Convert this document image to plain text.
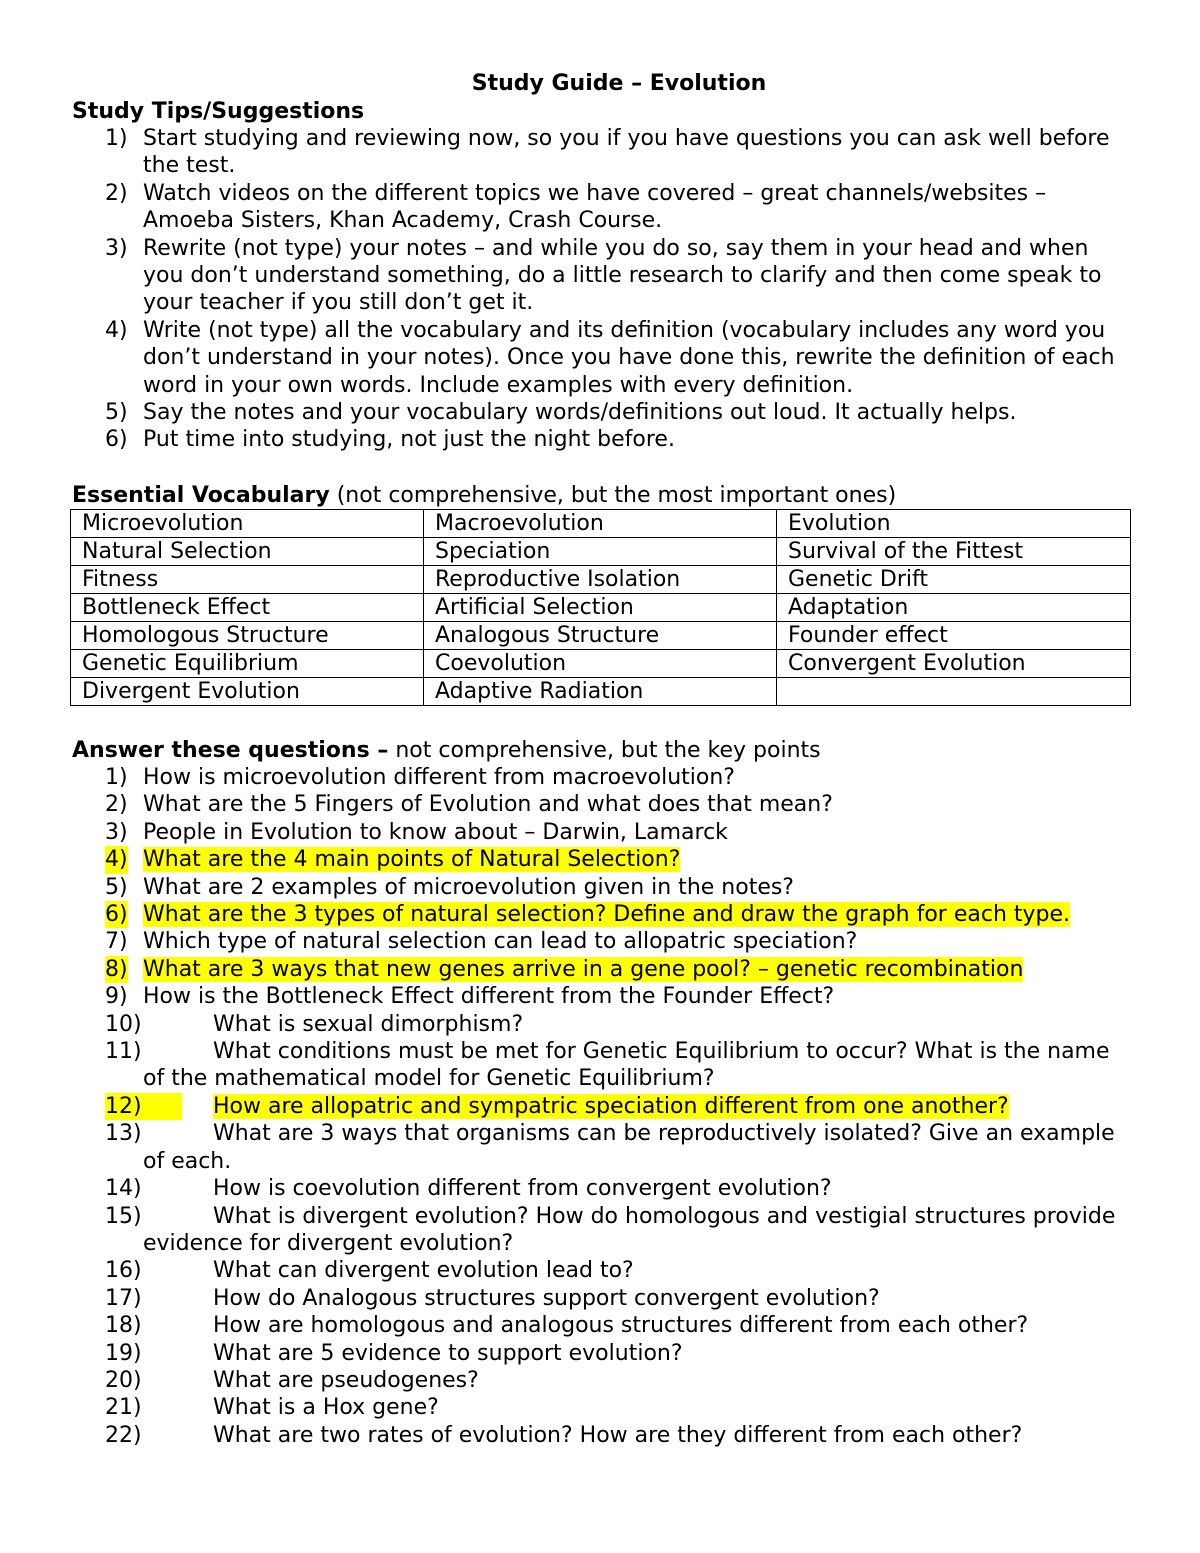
Study Guide – Evolution
Study Tips/Suggestions
1) Start studying and reviewing now, so you if you have questions you can ask well before the test.
2) Watch videos on the different topics we have covered – great channels/websites – Amoeba Sisters, Khan Academy, Crash Course.
3) Rewrite (not type) your notes – and while you do so, say them in your head and when you don’t understand something, do a little research to clarify and then come speak to your teacher if you still don’t get it.
4) Write (not type) all the vocabulary and its definition (vocabulary includes any word you don’t understand in your notes). Once you have done this, rewrite the definition of each word in your own words. Include examples with every definition.
5) Say the notes and your vocabulary words/definitions out loud. It actually helps.
6) Put time into studying, not just the night before.
Essential Vocabulary (not comprehensive, but the most important ones)
Microevolution	Macroevolution	Evolution
Natural Selection	Speciation	Survival of the Fittest
Fitness	Reproductive Isolation	Genetic Drift
Bottleneck Effect	Artificial Selection	Adaptation
Homologous Structure	Analogous Structure	Founder effect
Genetic Equilibrium	Coevolution	Convergent Evolution
Divergent Evolution	Adaptive Radiation	
Answer these questions – not comprehensive, but the key points
1) How is microevolution different from macroevolution?
2) What are the 5 Fingers of Evolution and what does that mean?
3) People in Evolution to know about – Darwin, Lamarck
4) What are the 4 main points of Natural Selection?
5) What are 2 examples of microevolution given in the notes?
6) What are the 3 types of natural selection? Define and draw the graph for each type.
7) Which type of natural selection can lead to allopatric speciation?
8) What are 3 ways that new genes arrive in a gene pool? – genetic recombination
9) How is the Bottleneck Effect different from the Founder Effect?
10)	What is sexual dimorphism?
11)	What conditions must be met for Genetic Equilibrium to occur? What is the name of the mathematical model for Genetic Equilibrium?
12)	How are allopatric and sympatric speciation different from one another?
13)	What are 3 ways that organisms can be reproductively isolated? Give an example of each.
14)	How is coevolution different from convergent evolution?
15)	What is divergent evolution? How do homologous and vestigial structures provide evidence for divergent evolution?
16)	What can divergent evolution lead to?
17)	How do Analogous structures support convergent evolution?
18)	How are homologous and analogous structures different from each other?
19)	What are 5 evidence to support evolution?
20)	What are pseudogenes?
21)	What is a Hox gene?
22)	What are two rates of evolution? How are they different from each other?
